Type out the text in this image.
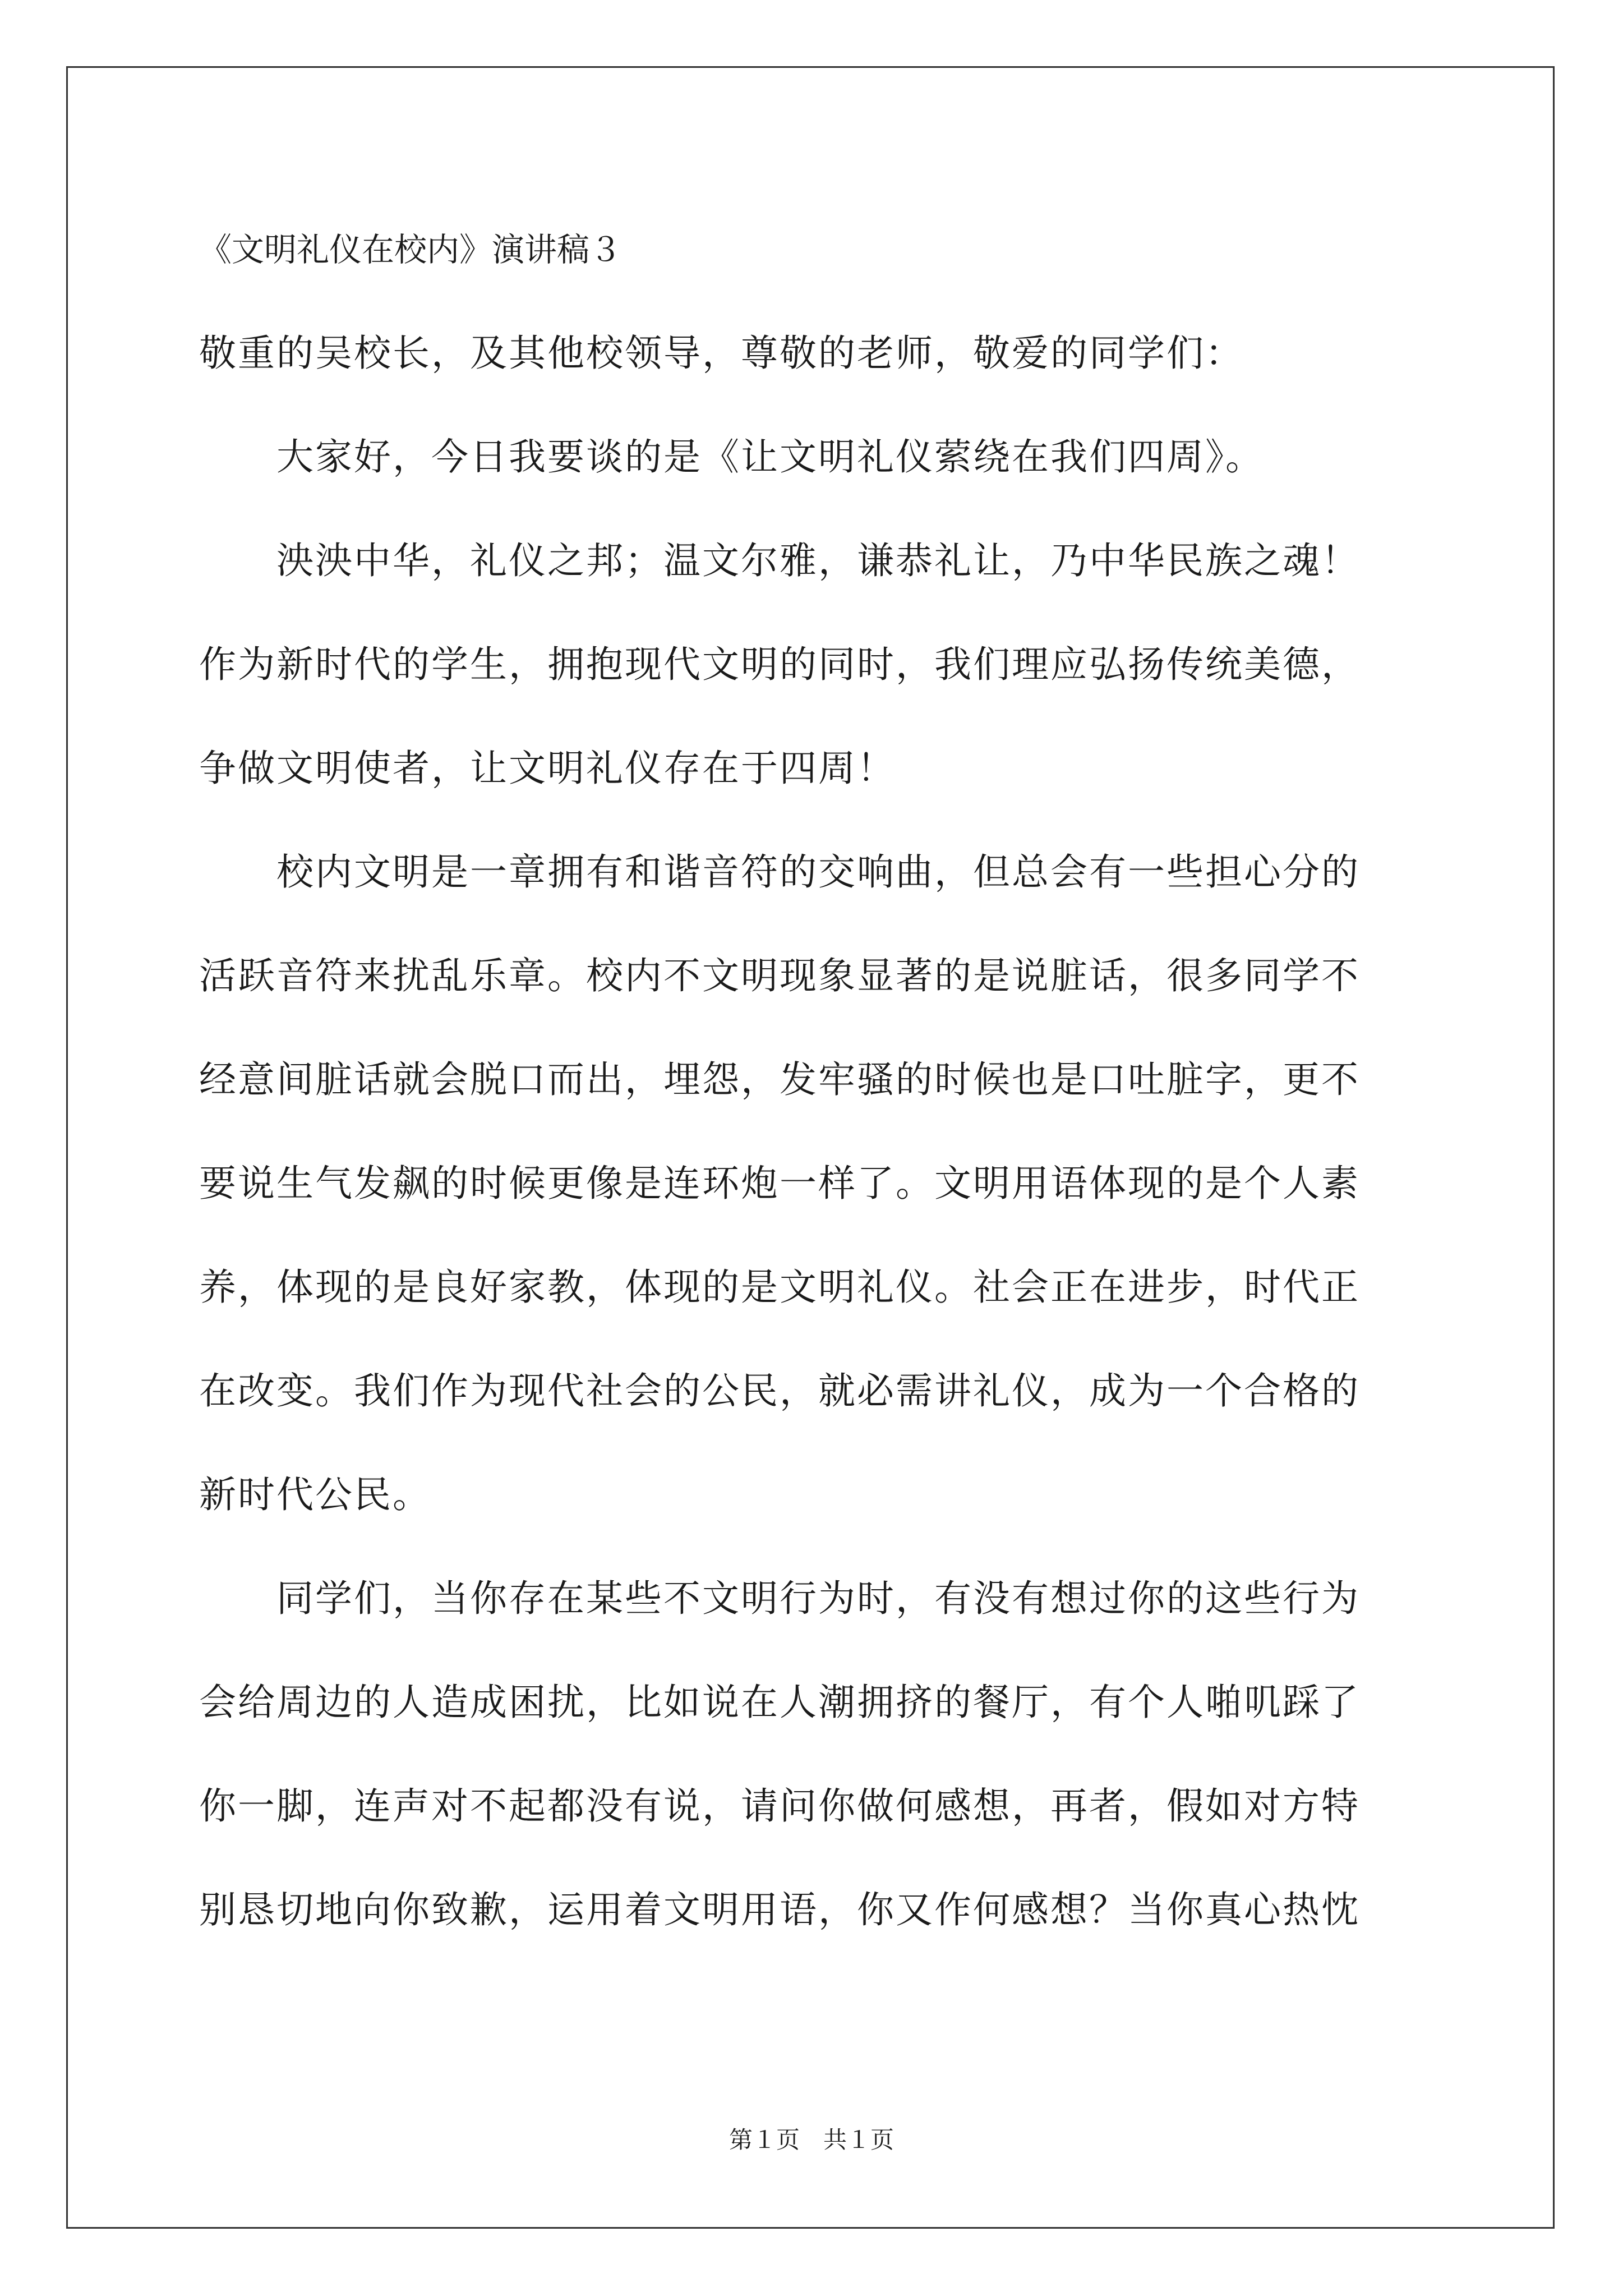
《文明礼仪在校内》演讲稿３
敬重的吴校长，及其他校领导，尊敬的老师，敬爱的同学们：
　　大家好，今日我要谈的是《让文明礼仪萦绕在我们四周》。
　　泱泱中华，礼仪之邦；温文尔雅，谦恭礼让，乃中华民族之魂！
作为新时代的学生，拥抱现代文明的同时，我们理应弘扬传统美德，
争做文明使者，让文明礼仪存在于四周！
　　校内文明是一章拥有和谐音符的交响曲，但总会有一些担心分的
活跃音符来扰乱乐章。校内不文明现象显著的是说脏话，很多同学不
经意间脏话就会脱口而出，埋怨，发牢骚的时候也是口吐脏字，更不
要说生气发飙的时候更像是连环炮一样了。文明用语体现的是个人素
养，体现的是良好家教，体现的是文明礼仪。社会正在进步，时代正
在改变。我们作为现代社会的公民，就必需讲礼仪，成为一个合格的
新时代公民。
　　同学们，当你存在某些不文明行为时，有没有想过你的这些行为
会给周边的人造成困扰，比如说在人潮拥挤的餐厅，有个人啪叽踩了
你一脚，连声对不起都没有说，请问你做何感想，再者，假如对方特
别恳切地向你致歉，运用着文明用语，你又作何感想？当你真心热忱
第１页　共１页
